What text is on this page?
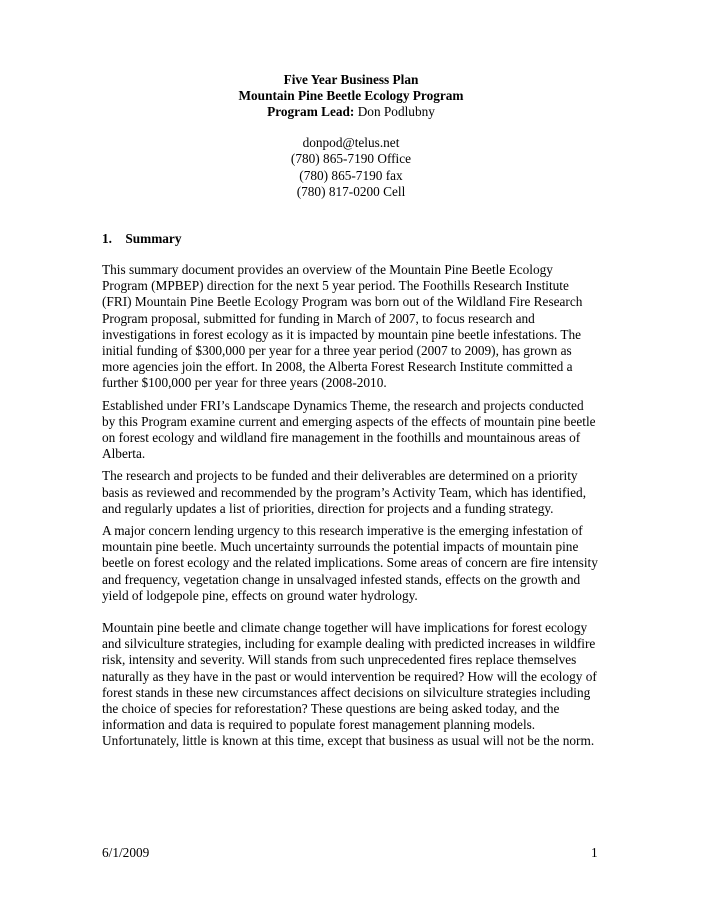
Five Year Business Plan
Mountain Pine Beetle Ecology Program
Program Lead: Don Podlubny
donpod@telus.net
(780) 865-7190 Office
(780) 865-7190 fax
(780) 817-0200 Cell
1. Summary

This summary document provides an overview of the Mountain Pine Beetle Ecology Program (MPBEP) direction for the next 5 year period. The Foothills Research Institute (FRI) Mountain Pine Beetle Ecology Program was born out of the Wildland Fire Research Program proposal, submitted for funding in March of 2007, to focus research and investigations in forest ecology as it is impacted by mountain pine beetle infestations. The initial funding of $300,000 per year for a three year period (2007 to 2009), has grown as more agencies join the effort. In 2008, the Alberta Forest Research Institute committed a further $100,000 per year for three years (2008-2010.

Established under FRI’s Landscape Dynamics Theme, the research and projects conducted by this Program examine current and emerging aspects of the effects of mountain pine beetle on forest ecology and wildland fire management in the foothills and mountainous areas of Alberta.

The research and projects to be funded and their deliverables are determined on a priority basis as reviewed and recommended by the program’s Activity Team, which has identified, and regularly updates a list of priorities, direction for projects and a funding strategy.

A major concern lending urgency to this research imperative is the emerging infestation of mountain pine beetle. Much uncertainty surrounds the potential impacts of mountain pine beetle on forest ecology and the related implications. Some areas of concern are fire intensity and frequency, vegetation change in unsalvaged infested stands, effects on the growth and yield of lodgepole pine, effects on ground water hydrology.

Mountain pine beetle and climate change together will have implications for forest ecology and silviculture strategies, including for example dealing with predicted increases in wildfire risk, intensity and severity. Will stands from such unprecedented fires replace themselves naturally as they have in the past or would intervention be required? How will the ecology of forest stands in these new circumstances affect decisions on silviculture strategies including the choice of species for reforestation? These questions are being asked today, and the information and data is required to populate forest management planning models. Unfortunately, little is known at this time, except that business as usual will not be the norm.

6/1/2009	1
